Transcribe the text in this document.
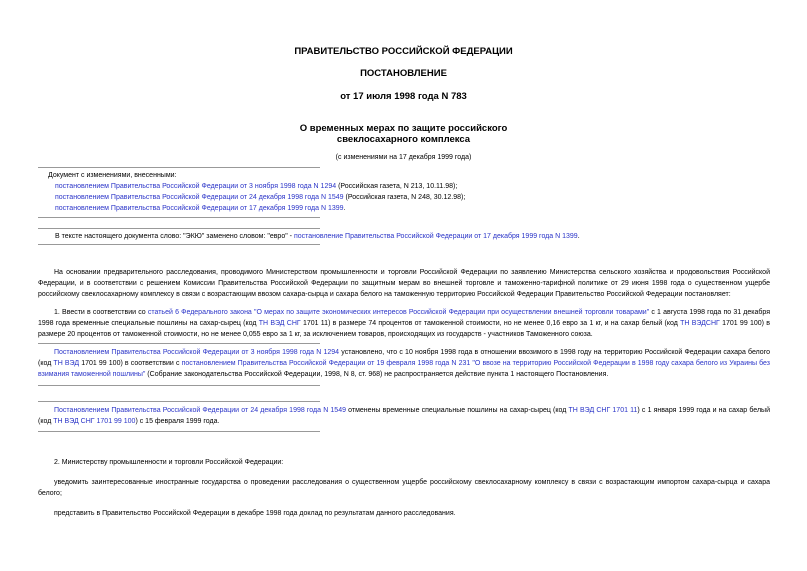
ПРАВИТЕЛЬСТВО РОССИЙСКОЙ ФЕДЕРАЦИИ
ПОСТАНОВЛЕНИЕ
от 17 июля 1998 года N 783
О временных мерах по защите российского
свеклосахарного комплекса
(с изменениями на 17 декабря 1999 года)
Документ с изменениями, внесенными:
постановлением Правительства Российской Федерации от 3 ноября 1998 года N 1294 (Российская газета, N 213, 10.11.98);
постановлением Правительства Российской Федерации от 24 декабря 1998 года N 1549 (Российская газета, N 248, 30.12.98);
постановлением Правительства Российской Федерации от 17 декабря 1999 года N 1399.
В тексте настоящего документа слово: "ЭКЮ" заменено словом: "евро" - постановление Правительства Российской Федерации от 17 декабря 1999 года N 1399.
На основании предварительного расследования, проводимого Министерством промышленности и торговли Российской Федерации по заявлению Министерства сельского хозяйства и продовольствия Российской Федерации, и в соответствии с решением Комиссии Правительства Российской Федерации по защитным мерам во внешней торговле и таможенно-тарифной политике от 29 июня 1998 года о существенном ущербе российскому свеклосахарному комплексу в связи с возрастающим ввозом сахара-сырца и сахара белого на таможенную территорию Российской Федерации Правительство Российской Федерации постановляет:
1. Ввести в соответствии со статьей 6 Федерального закона "О мерах по защите экономических интересов Российской Федерации при осуществлении внешней торговли товарами" с 1 августа 1998 года по 31 декабря 1998 года временные специальные пошлины на сахар-сырец (код ТН ВЭД СНГ 1701 11) в размере 74 процентов от таможенной стоимости, но не менее 0,16 евро за 1 кг, и на сахар белый (код ТН ВЭДСНГ 1701 99 100) в размере 20 процентов от таможенной стоимости, но не менее 0,055 евро за 1 кг, за исключением товаров, происходящих из государств - участников Таможенного союза.
Постановлением Правительства Российской Федерации от 3 ноября 1998 года N 1294 установлено, что с 10 ноября 1998 года в отношении ввозимого в 1998 году на территорию Российской Федерации сахара белого (код ТН ВЭД 1701 99 100) в соответствии с постановлением Правительства Российской Федерации от 19 февраля 1998 года N 231 "О ввозе на территорию Российской Федерации в 1998 году сахара белого из Украины без взимания таможенной пошлины" (Собрание законодательства Российской Федерации, 1998, N 8, ст. 968) не распространяется действие пункта 1 настоящего Постановления.
Постановлением Правительства Российской Федерации от 24 декабря 1998 года N 1549 отменены временные специальные пошлины на сахар-сырец (код ТН ВЭД СНГ 1701 11) с 1 января 1999 года и на сахар белый (код ТН ВЭД СНГ 1701 99 100) с 15 февраля 1999 года.
2. Министерству промышленности и торговли Российской Федерации:
уведомить заинтересованные иностранные государства о проведении расследования о существенном ущербе российскому свеклосахарному комплексу в связи с возрастающим импортом сахара-сырца и сахара белого;
представить в Правительство Российской Федерации в декабре 1998 года доклад по результатам данного расследования.
